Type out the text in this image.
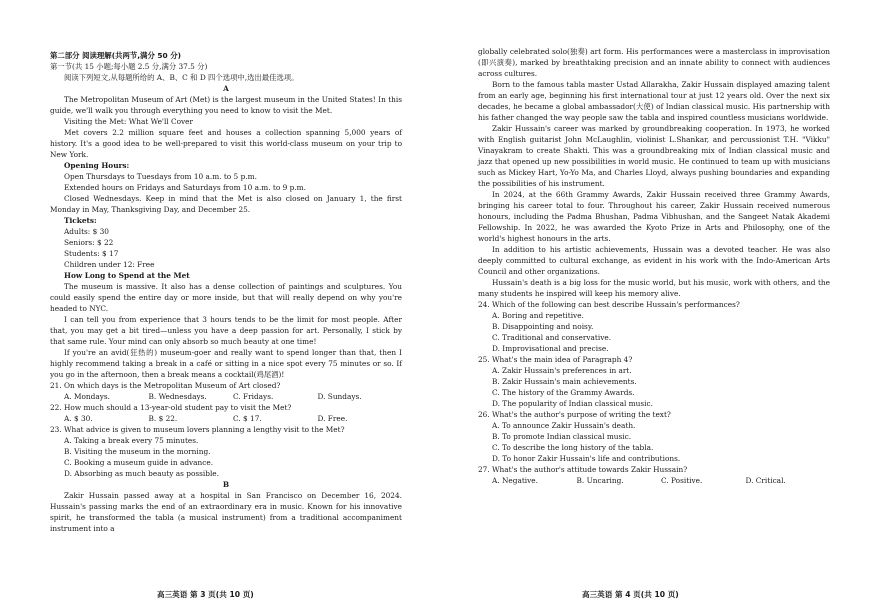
第二部分 阅读理解(共两节,满分 50 分)

第一节(共 15 小题;每小题 2.5 分,满分 37.5 分)

阅读下列短文,从每题所给的 A、B、C 和 D 四个选项中,选出最佳选项。

A

The Metropolitan Museum of Art (Met) is the largest museum in the United States! In this guide, we'll walk you through everything you need to know to visit the Met.

Visiting the Met: What We'll Cover

Met covers 2.2 million square feet and houses a collection spanning 5,000 years of history. It's a good idea to be well-prepared to visit this world-class museum on your trip to New York.

Opening Hours:

Open Thursdays to Tuesdays from 10 a.m. to 5 p.m.

Extended hours on Fridays and Saturdays from 10 a.m. to 9 p.m.

Closed Wednesdays. Keep in mind that the Met is also closed on January 1, the first Monday in May, Thanksgiving Day, and December 25.

Tickets:

Adults: $ 30

Seniors: $ 22

Students: $ 17

Children under 12: Free

How Long to Spend at the Met

The museum is massive. It also has a dense collection of paintings and sculptures. You could easily spend the entire day or more inside, but that will really depend on why you're headed to NYC.

I can tell you from experience that 3 hours tends to be the limit for most people. After that, you may get a bit tired—unless you have a deep passion for art. Personally, I stick by that same rule. Your mind can only absorb so much beauty at one time!

If you're an avid(狂热的) museum-goer and really want to spend longer than that, then I highly recommend taking a break in a café or sitting in a nice spot every 75 minutes or so. If you go in the afternoon, then a break means a cocktail(鸡尾酒)!

21. On which days is the Metropolitan Museum of Art closed?

A. Mondays.	B. Wednesdays.	C. Fridays.	D. Sundays.

22. How much should a 13-year-old student pay to visit the Met?

A. $ 30.	B. $ 22.	C. $ 17.	D. Free.

23. What advice is given to museum lovers planning a lengthy visit to the Met?

A. Taking a break every 75 minutes.

B. Visiting the museum in the morning.

C. Booking a museum guide in advance.

D. Absorbing as much beauty as possible.

B

Zakir Hussain passed away at a hospital in San Francisco on December 16, 2024. Hussain's passing marks the end of an extraordinary era in music. Known for his innovative spirit, he transformed the tabla (a musical instrument) from a traditional accompaniment instrument into a

globally celebrated solo(独奏) art form. His performances were a masterclass in improvisation (即兴演奏), marked by breathtaking precision and an innate ability to connect with audiences across cultures.

Born to the famous tabla master Ustad Allarakha, Zakir Hussain displayed amazing talent from an early age, beginning his first international tour at just 12 years old. Over the next six decades, he became a global ambassador(大使) of Indian classical music. His partnership with his father changed the way people saw the tabla and inspired countless musicians worldwide.

Zakir Hussain's career was marked by groundbreaking cooperation. In 1973, he worked with English guitarist John McLaughlin, violinist L.Shankar, and percussionist T.H. "Vikku" Vinayakram to create Shakti. This was a groundbreaking mix of Indian classical music and jazz that opened up new possibilities in world music. He continued to team up with musicians such as Mickey Hart, Yo-Yo Ma, and Charles Lloyd, always pushing boundaries and expanding the possibilities of his instrument.

In 2024, at the 66th Grammy Awards, Zakir Hussain received three Grammy Awards, bringing his career total to four. Throughout his career, Zakir Hussain received numerous honours, including the Padma Bhushan, Padma Vibhushan, and the Sangeet Natak Akademi Fellowship. In 2022, he was awarded the Kyoto Prize in Arts and Philosophy, one of the world's highest honours in the arts.

In addition to his artistic achievements, Hussain was a devoted teacher. He was also deeply committed to cultural exchange, as evident in his work with the Indo-American Arts Council and other organizations.

Hussain's death is a big loss for the music world, but his music, work with others, and the many students he inspired will keep his memory alive.

24. Which of the following can best describe Hussain's performances?

A. Boring and repetitive.

B. Disappointing and noisy.

C. Traditional and conservative.

D. Improvisational and precise.

25. What's the main idea of Paragraph 4?

A. Zakir Hussain's preferences in art.

B. Zakir Hussain's main achievements.

C. The history of the Grammy Awards.

D. The popularity of Indian classical music.

26. What's the author's purpose of writing the text?

A. To announce Zakir Hussain's death.

B. To promote Indian classical music.

C. To describe the long history of the tabla.

D. To honor Zakir Hussain's life and contributions.

27. What's the author's attitude towards Zakir Hussain?

A. Negative.	B. Uncaring.	C. Positive.	D. Critical.
高三英语 第 3 页(共 10 页)	高三英语 第 4 页(共 10 页)
